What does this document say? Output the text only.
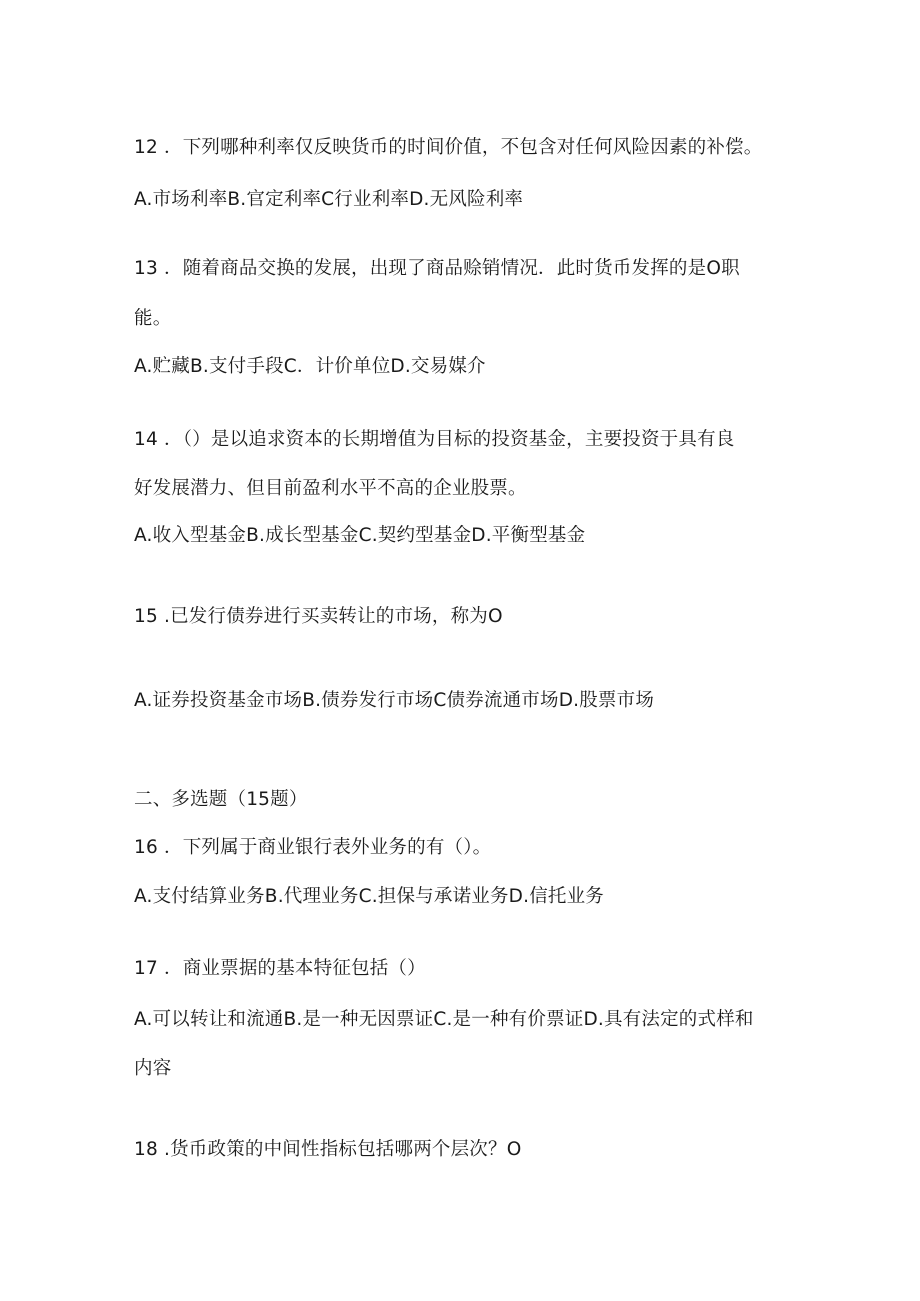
12 ．下列哪种利率仅反映货币的时间价值，不包含对任何风险因素的补偿。
A.市场利率B.官定利率C行业利率D.无风险利率
13 ．随着商品交换的发展，出现了商品赊销情况．此时货币发挥的是O职
能。
A.贮藏B.支付手段C．计价单位D.交易媒介
14 ．（）是以追求资本的长期增值为目标的投资基金，主要投资于具有良
好发展潜力、但目前盈利水平不高的企业股票。
A.收入型基金B.成长型基金C.契约型基金D.平衡型基金
15 .已发行债券进行买卖转让的市场，称为O
A.证券投资基金市场B.债券发行市场C债券流通市场D.股票市场
二、多选题（15题）
16 ．下列属于商业银行表外业务的有（）。
A.支付结算业务B.代理业务C.担保与承诺业务D.信托业务
17 ．商业票据的基本特征包括（）
A.可以转让和流通B.是一种无因票证C.是一种有价票证D.具有法定的式样和
内容
18 .货币政策的中间性指标包括哪两个层次？O
